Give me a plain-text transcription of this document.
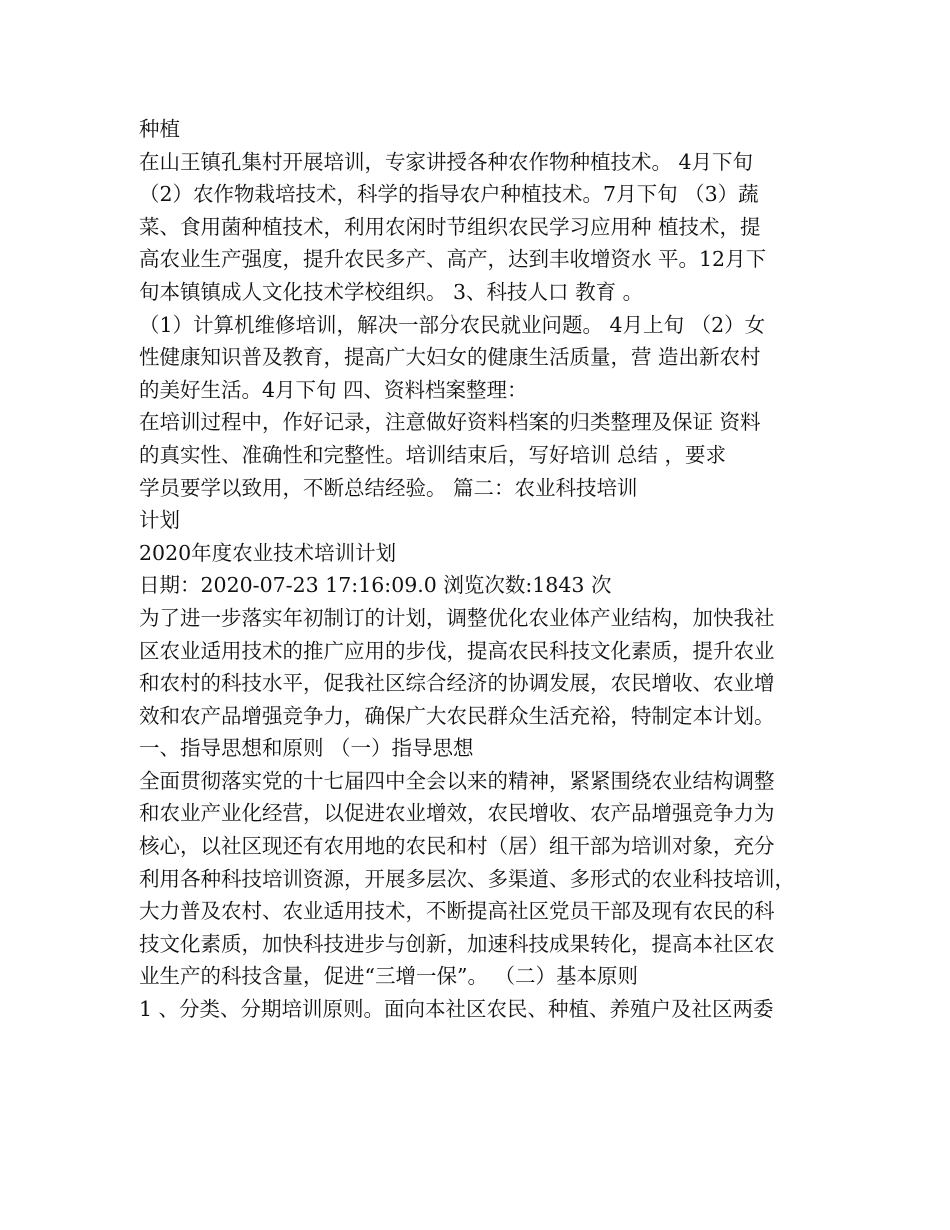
种植
在山王镇孔集村开展培训，专家讲授各种农作物种植技术。 4月下旬
（2）农作物栽培技术，科学的指导农户种植技术。7月下旬 （3）蔬
菜、食用菌种植技术，利用农闲时节组织农民学习应用种 植技术，提
高农业生产强度，提升农民多产、高产，达到丰收增资水 平。12月下
旬本镇镇成人文化技术学校组织。 3、科技人口 教育 。
（1）计算机维修培训，解决一部分农民就业问题。 4月上旬 （2）女
性健康知识普及教育，提高广大妇女的健康生活质量，营 造出新农村
的美好生活。4月下旬 四、资料档案整理：
在培训过程中，作好记录，注意做好资料档案的归类整理及保证 资料
的真实性、准确性和完整性。培训结束后，写好培训 总结 ，要求
学员要学以致用，不断总结经验。 篇二：农业科技培训
计划
2020年度农业技术培训计划
日期：2020-07-23 17:16:09.0 浏览次数:1843 次
为了进一步落实年初制订的计划，调整优化农业体产业结构，加快我社
区农业适用技术的推广应用的步伐，提高农民科技文化素质，提升农业
和农村的科技水平，促我社区综合经济的协调发展，农民增收、农业增
效和农产品增强竞争力，确保广大农民群众生活充裕，特制定本计划。
一、指导思想和原则 （一）指导思想
全面贯彻落实党的十七届四中全会以来的精神，紧紧围绕农业结构调整
和农业产业化经营，以促进农业增效，农民增收、农产品增强竞争力为
核心，以社区现还有农用地的农民和村（居）组干部为培训对象，充分
利用各种科技培训资源，开展多层次、多渠道、多形式的农业科技培训，
大力普及农村、农业适用技术，不断提高社区党员干部及现有农民的科
技文化素质，加快科技进步与创新，加速科技成果转化，提高本社区农
业生产的科技含量，促进“三增一保”。 （二）基本原则
1 、分类、分期培训原则。面向本社区农民、种植、养殖户及社区两委
